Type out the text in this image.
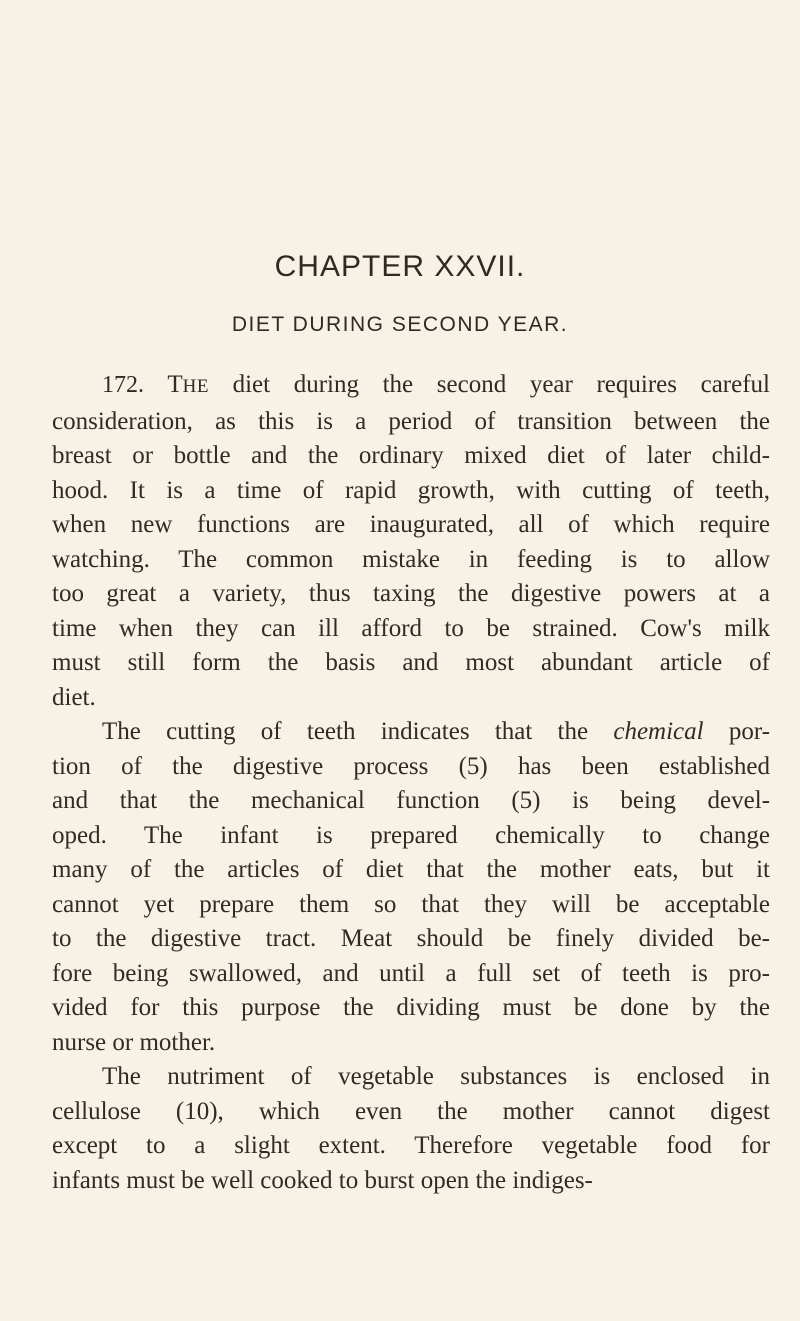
CHAPTER XXVII.
DIET DURING SECOND YEAR.

172. THE diet during the second year requires careful
consideration, as this is a period of transition between the
breast or bottle and the ordinary mixed diet of later child-
hood. It is a time of rapid growth, with cutting of teeth,
when new functions are inaugurated, all of which require
watching. The common mistake in feeding is to allow
too great a variety, thus taxing the digestive powers at a
time when they can ill afford to be strained. Cow's milk
must still form the basis and most abundant article of
diet.

The cutting of teeth indicates that the chemical por-
tion of the digestive process (5) has been established
and that the mechanical function (5) is being devel-
oped. The infant is prepared chemically to change
many of the articles of diet that the mother eats, but it
cannot yet prepare them so that they will be acceptable
to the digestive tract. Meat should be finely divided be-
fore being swallowed, and until a full set of teeth is pro-
vided for this purpose the dividing must be done by the
nurse or mother.

The nutriment of vegetable substances is enclosed in
cellulose (10), which even the mother cannot digest
except to a slight extent. Therefore vegetable food for
infants must be well cooked to burst open the indiges-
